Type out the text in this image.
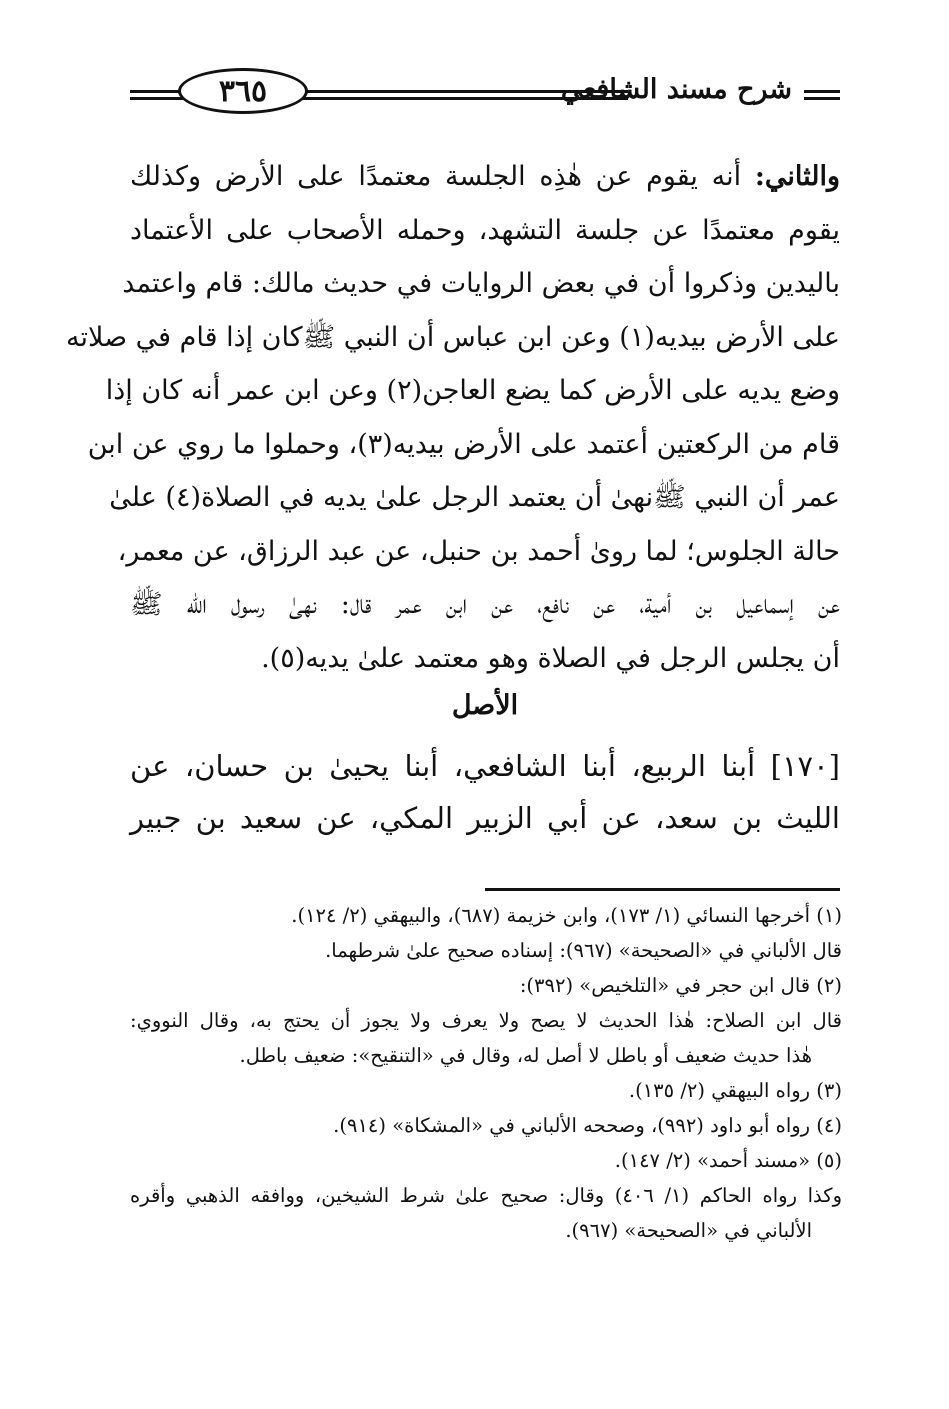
شرح مسند الشافعي
٣٦٥
والثاني: أنه يقوم عن هٰذِه الجلسة معتمدًا على الأرض وكذلك
يقوم معتمدًا عن جلسة التشهد، وحمله الأصحاب على الأعتماد
باليدين وذكروا أن في بعض الروايات في حديث مالك: قام واعتمد
على الأرض بيديه(١) وعن ابن عباس أن النبي ﷺكان إذا قام في صلاته
وضع يديه على الأرض كما يضع العاجن(٢) وعن ابن عمر أنه كان إذا
قام من الركعتين أعتمد على الأرض بيديه(٣)، وحملوا ما روي عن ابن
عمر أن النبي ﷺنهىٰ أن يعتمد الرجل علىٰ يديه في الصلاة(٤) علىٰ
حالة الجلوس؛ لما روىٰ أحمد بن حنبل، عن عبد الرزاق، عن معمر،
عن إسماعيل بن أمية، عن نافع، عن ابن عمر قال: نهىٰ رسول الله ﷺ
أن يجلس الرجل في الصلاة وهو معتمد علىٰ يديه(٥).
الأصل
[١٧٠] أبنا الربيع، أبنا الشافعي، أبنا يحيىٰ بن حسان، عن
الليث بن سعد، عن أبي الزبير المكي، عن سعيد بن جبير
(١) أخرجها النسائي (١/ ١٧٣)، وابن خزيمة (٦٨٧)، والبيهقي (٢/ ١٢٤).
قال الألباني في «الصحيحة» (٩٦٧): إسناده صحيح علىٰ شرطهما.
(٢) قال ابن حجر في «التلخيص» (٣٩٢):
قال ابن الصلاح: هٰذا الحديث لا يصح ولا يعرف ولا يجوز أن يحتج به، وقال النووي:
هٰذا حديث ضعيف أو باطل لا أصل له، وقال في «التنقيح»: ضعيف باطل.
(٣) رواه البيهقي (٢/ ١٣٥).
(٤) رواه أبو داود (٩٩٢)، وصححه الألباني في «المشكاة» (٩١٤).
(٥) «مسند أحمد» (٢/ ١٤٧).
وكذا رواه الحاكم (١/ ٤٠٦) وقال: صحيح علىٰ شرط الشيخين، ووافقه الذهبي وأقره
الألباني في «الصحيحة» (٩٦٧).
